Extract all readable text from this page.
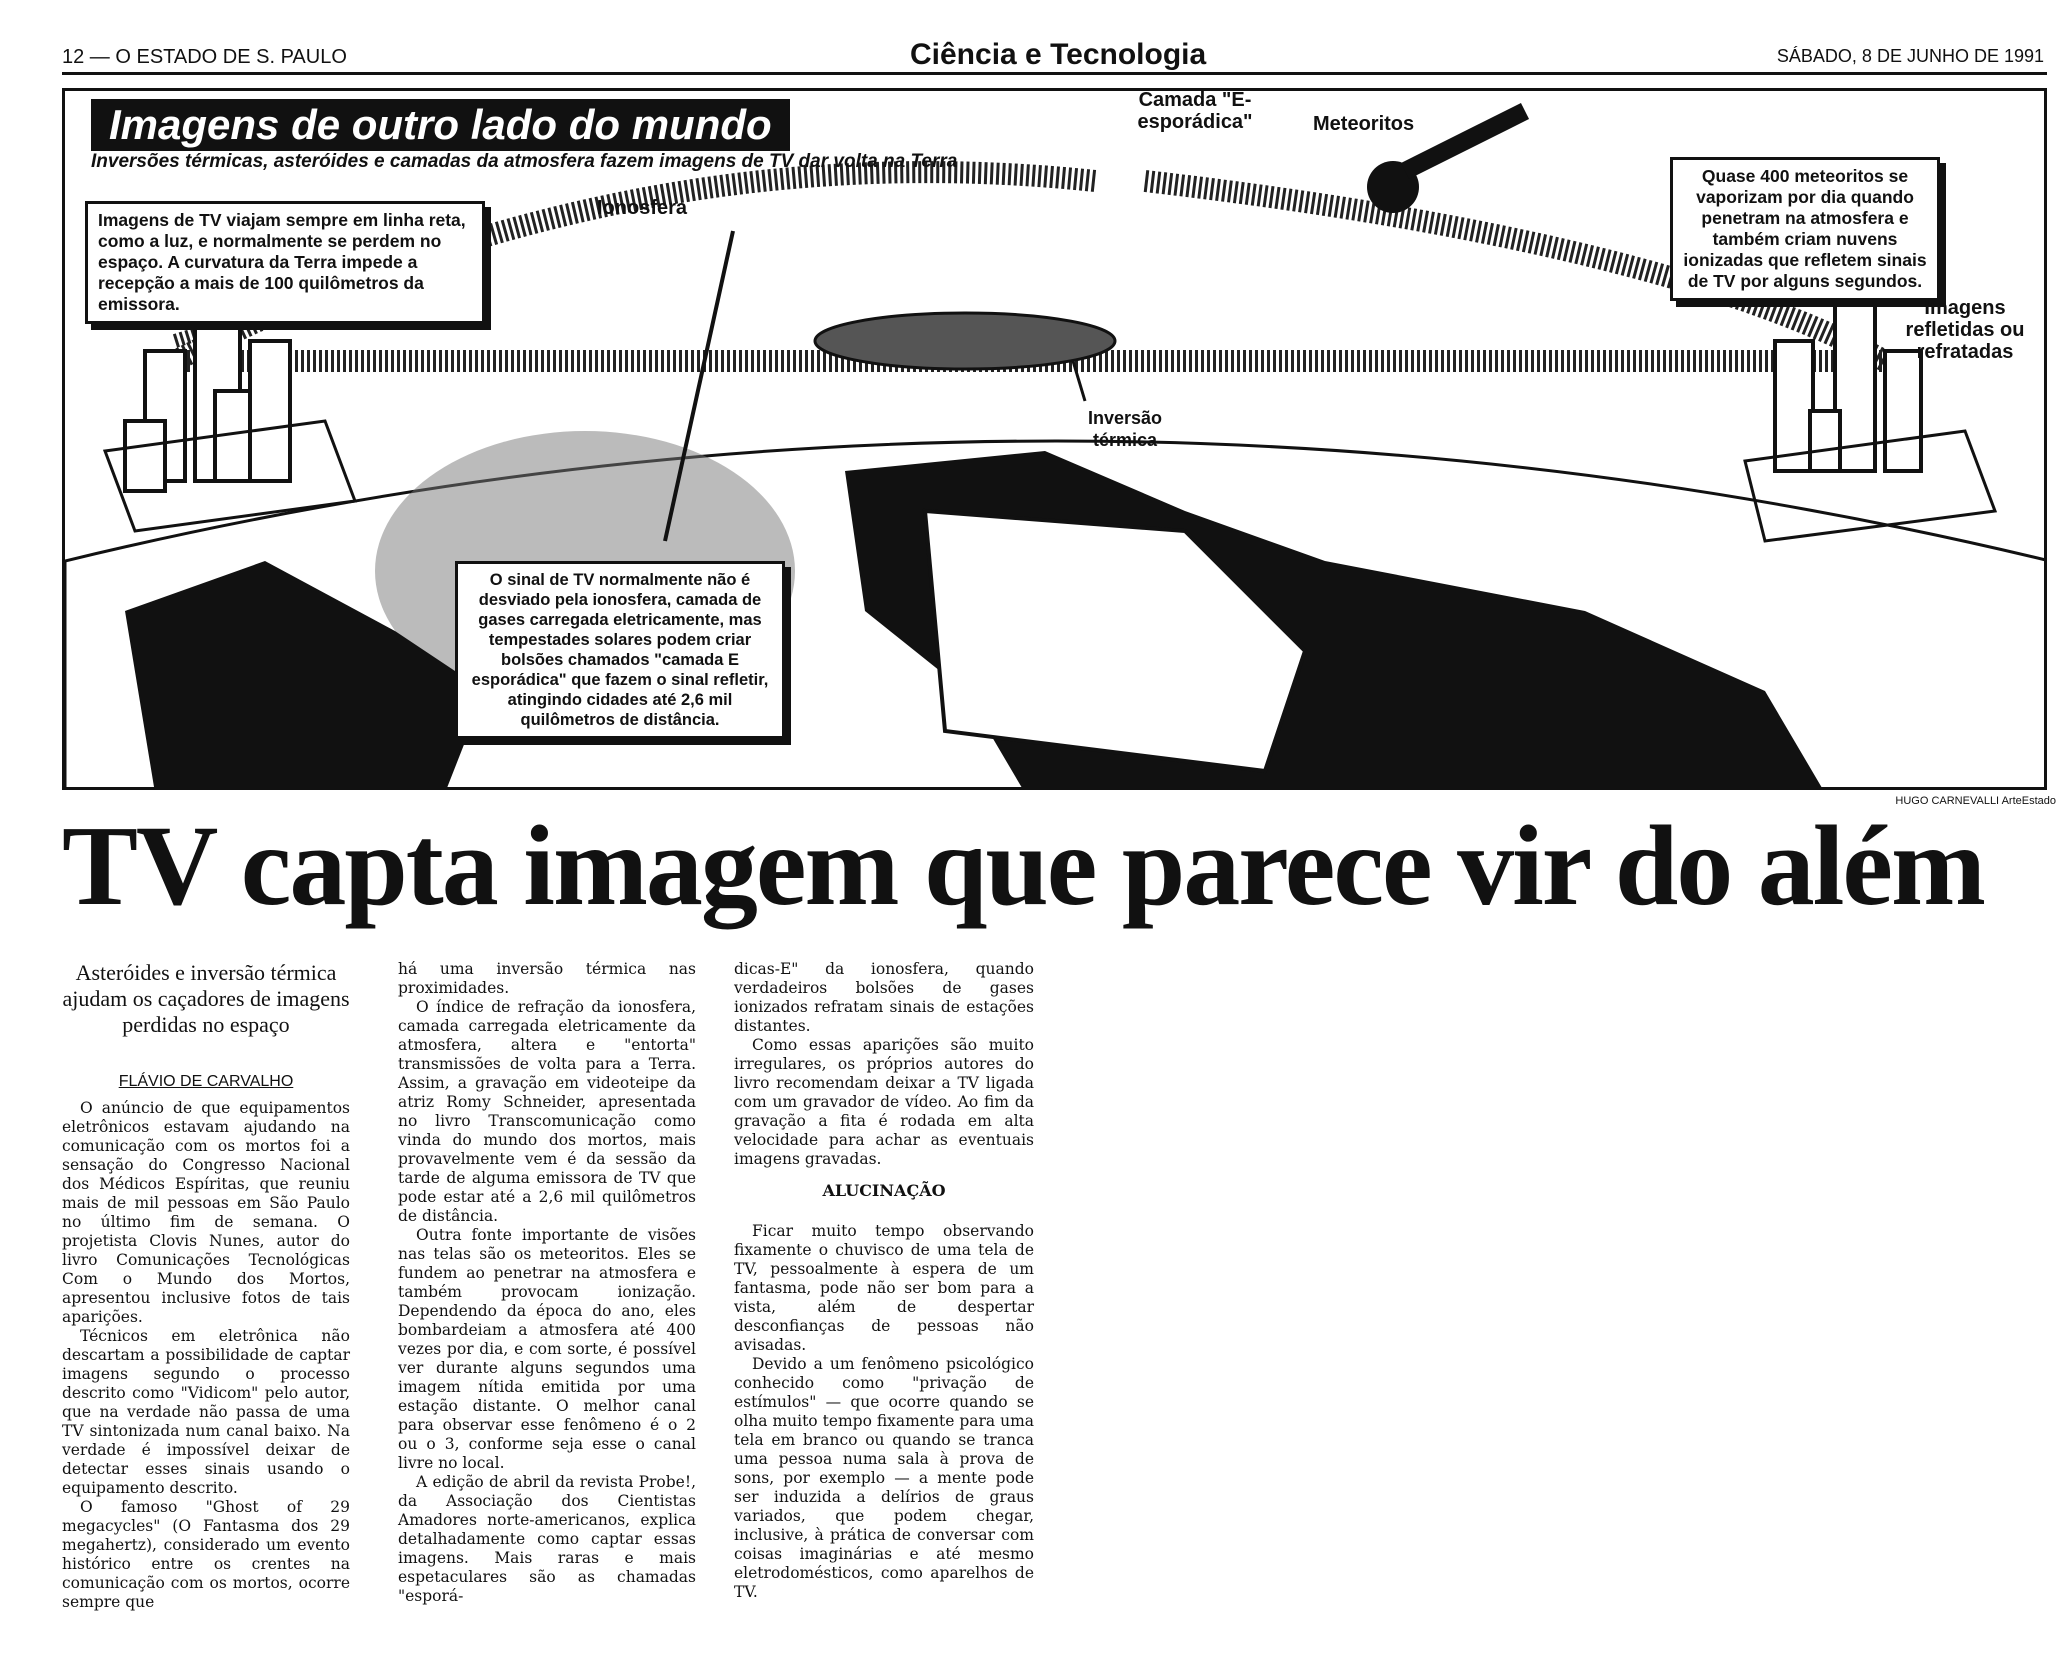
12 — O ESTADO DE S. PAULO	Ciência e Tecnologia	SÁBADO, 8 DE JUNHO DE 1991
Imagens de outro lado do mundo
Inversões térmicas, asteróides e camadas da atmosfera fazem imagens de TV dar volta na Terra
Imagens de TV viajam sempre em linha reta, como a luz, e normalmente se perdem no espaço. A curvatura da Terra impede a recepção a mais de 100 quilômetros da emissora.
Ionosfera
Camada "E-esporádica"	Meteoritos
Quase 400 meteoritos se vaporizam por dia quando penetram na atmosfera e também criam nuvens ionizadas que refletem sinais de TV por alguns segundos.
Imagens refletidas ou refratadas
Inversão térmica
O sinal de TV normalmente não é desviado pela ionosfera, camada de gases carregada eletricamente, mas tempestades solares podem criar bolsões chamados "camada E esporádica" que fazem o sinal refletir, atingindo cidades até 2,6 mil quilômetros de distância.
HUGO CARNEVALLI ArteEstado
TV capta imagem que parece vir do além
Asteróides e inversão térmica ajudam os caçadores de imagens perdidas no espaço
FLÁVIO DE CARVALHO

O anúncio de que equipamentos eletrônicos estavam ajudando na comunicação com os mortos foi a sensação do Congresso Nacional dos Médicos Espíritas, que reuniu mais de mil pessoas em São Paulo no último fim de semana. O projetista Clovis Nunes, autor do livro Comunicações Tecnológicas Com o Mundo dos Mortos, apresentou inclusive fotos de tais aparições.

Técnicos em eletrônica não descartam a possibilidade de captar imagens segundo o processo descrito como "Vidicom" pelo autor, que na verdade não passa de uma TV sintonizada num canal baixo. Na verdade é impossível deixar de detectar esses sinais usando o equipamento descrito.

O famoso "Ghost of 29 megacycles" (O Fantasma dos 29 megahertz), considerado um evento histórico entre os crentes na comunicação com os mortos, ocorre sempre que

há uma inversão térmica nas proximidades.

O índice de refração da ionosfera, camada carregada eletricamente da atmosfera, altera e "entorta" transmissões de volta para a Terra. Assim, a gravação em videoteipe da atriz Romy Schneider, apresentada no livro Transcomunicação como vinda do mundo dos mortos, mais provavelmente vem é da sessão da tarde de alguma emissora de TV que pode estar até a 2,6 mil quilômetros de distância.

Outra fonte importante de visões nas telas são os meteoritos. Eles se fundem ao penetrar na atmosfera e também provocam ionização. Dependendo da época do ano, eles bombardeiam a atmosfera até 400 vezes por dia, e com sorte, é possível ver durante alguns segundos uma imagem nítida emitida por uma estação distante. O melhor canal para observar esse fenômeno é o 2 ou o 3, conforme seja esse o canal livre no local.

A edição de abril da revista Probe!, da Associação dos Cientistas Amadores norte-americanos, explica detalhadamente como captar essas imagens. Mais raras e mais espetaculares são as chamadas "esporá-

dicas-E" da ionosfera, quando verdadeiros bolsões de gases ionizados refratam sinais de estações distantes.

Como essas aparições são muito irregulares, os próprios autores do livro recomendam deixar a TV ligada com um gravador de vídeo. Ao fim da gravação a fita é rodada em alta velocidade para achar as eventuais imagens gravadas.

ALUCINAÇÃO

Ficar muito tempo observando fixamente o chuvisco de uma tela de TV, pessoalmente à espera de um fantasma, pode não ser bom para a vista, além de despertar desconfianças de pessoas não avisadas.

Devido a um fenômeno psicológico conhecido como "privação de estímulos" — que ocorre quando se olha muito tempo fixamente para uma tela em branco ou quando se tranca uma pessoa numa sala à prova de sons, por exemplo — a mente pode ser induzida a delírios de graus variados, que podem chegar, inclusive, à prática de conversar com coisas imaginárias e até mesmo eletrodomésticos, como aparelhos de TV.
